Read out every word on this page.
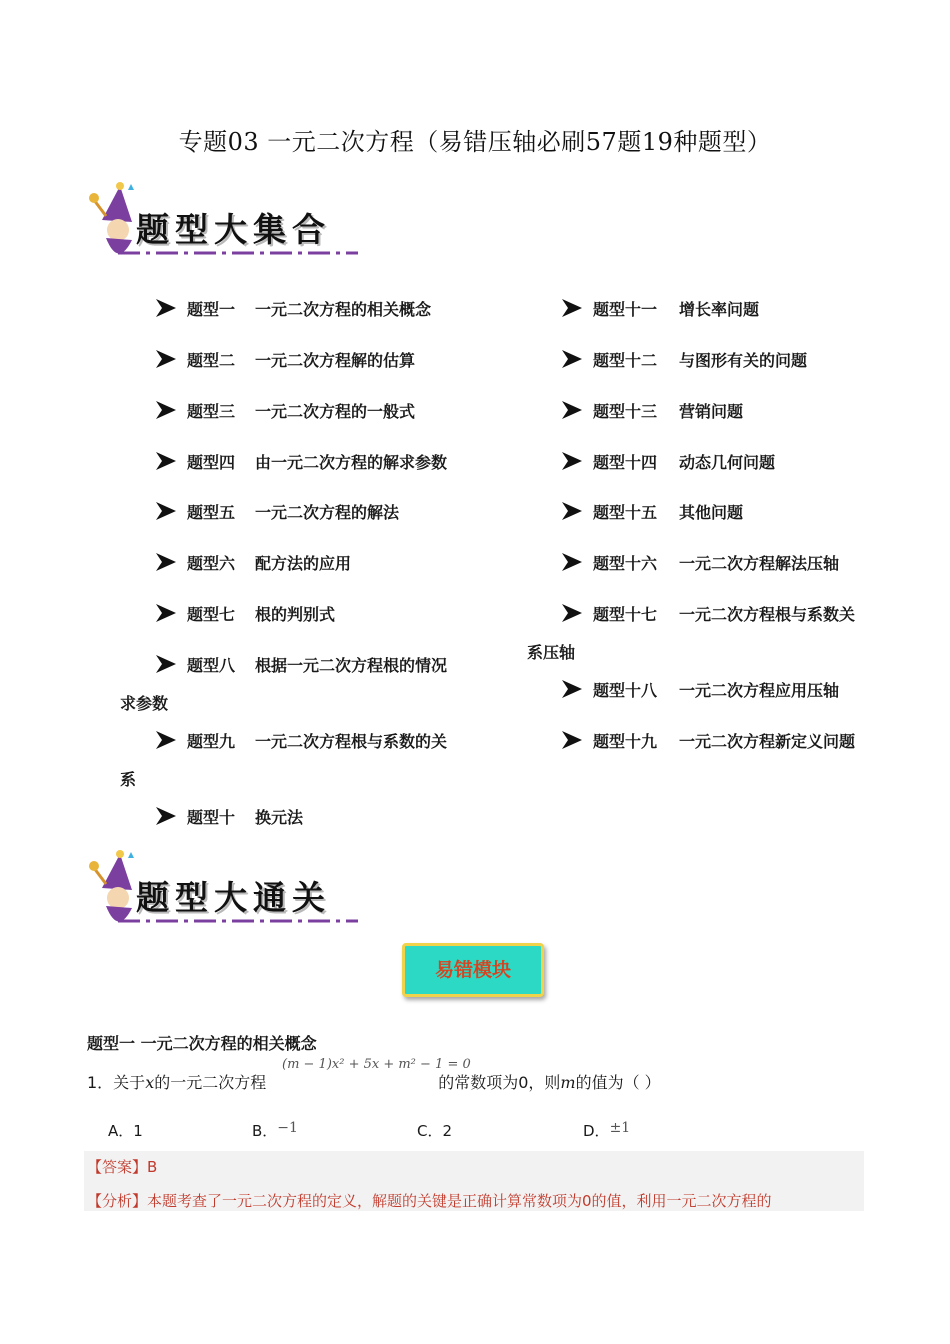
专题03 一元二次方程（易错压轴必刷57题19种题型）
题型大集合
题型一 一元二次方程的相关概念
题型二 一元二次方程解的估算
题型三 一元二次方程的一般式
题型四 由一元二次方程的解求参数
题型五 一元二次方程的解法
题型六 配方法的应用
题型七 根的判别式
题型八 根据一元二次方程根的情况
求参数
题型九 一元二次方程根与系数的关
系
题型十 换元法
题型十一 增长率问题
题型十二 与图形有关的问题
题型十三 营销问题
题型十四 动态几何问题
题型十五 其他问题
题型十六 一元二次方程解法压轴
题型十七 一元二次方程根与系数关
系压轴
题型十八 一元二次方程应用压轴
题型十九 一元二次方程新定义问题
题型大通关
易错模块
题型一 一元二次方程的相关概念
(m − 1)x² + 5x + m² − 1 = 0
1．关于x的一元二次方程	的常数项为0，则m的值为（ ）
A．1	B．−1	C．2	D．±1
【答案】B
【分析】本题考查了一元二次方程的定义，解题的关键是正确计算常数项为0的值，利用一元二次方程的
